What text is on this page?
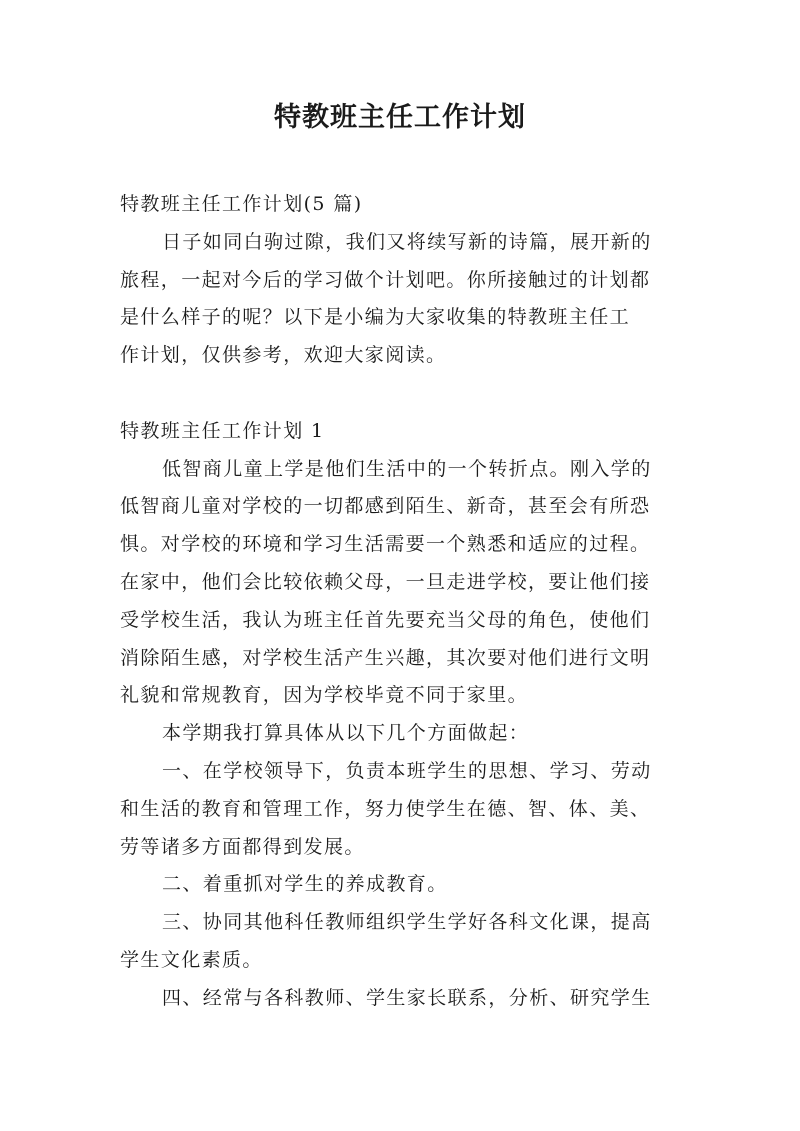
特教班主任工作计划

特教班主任工作计划(5 篇)

日子如同白驹过隙，我们又将续写新的诗篇，展开新的

旅程，一起对今后的学习做个计划吧。你所接触过的计划都

是什么样子的呢？以下是小编为大家收集的特教班主任工

作计划，仅供参考，欢迎大家阅读。

特教班主任工作计划 1

低智商儿童上学是他们生活中的一个转折点。刚入学的

低智商儿童对学校的一切都感到陌生、新奇，甚至会有所恐

惧。对学校的环境和学习生活需要一个熟悉和适应的过程。

在家中，他们会比较依赖父母，一旦走进学校，要让他们接

受学校生活，我认为班主任首先要充当父母的角色，使他们

消除陌生感，对学校生活产生兴趣，其次要对他们进行文明

礼貌和常规教育，因为学校毕竟不同于家里。

本学期我打算具体从以下几个方面做起：

一、在学校领导下，负责本班学生的思想、学习、劳动

和生活的教育和管理工作，努力使学生在德、智、体、美、

劳等诸多方面都得到发展。

二、着重抓对学生的养成教育。

三、协同其他科任教师组织学生学好各科文化课，提高

学生文化素质。

四、经常与各科教师、学生家长联系，分析、研究学生
